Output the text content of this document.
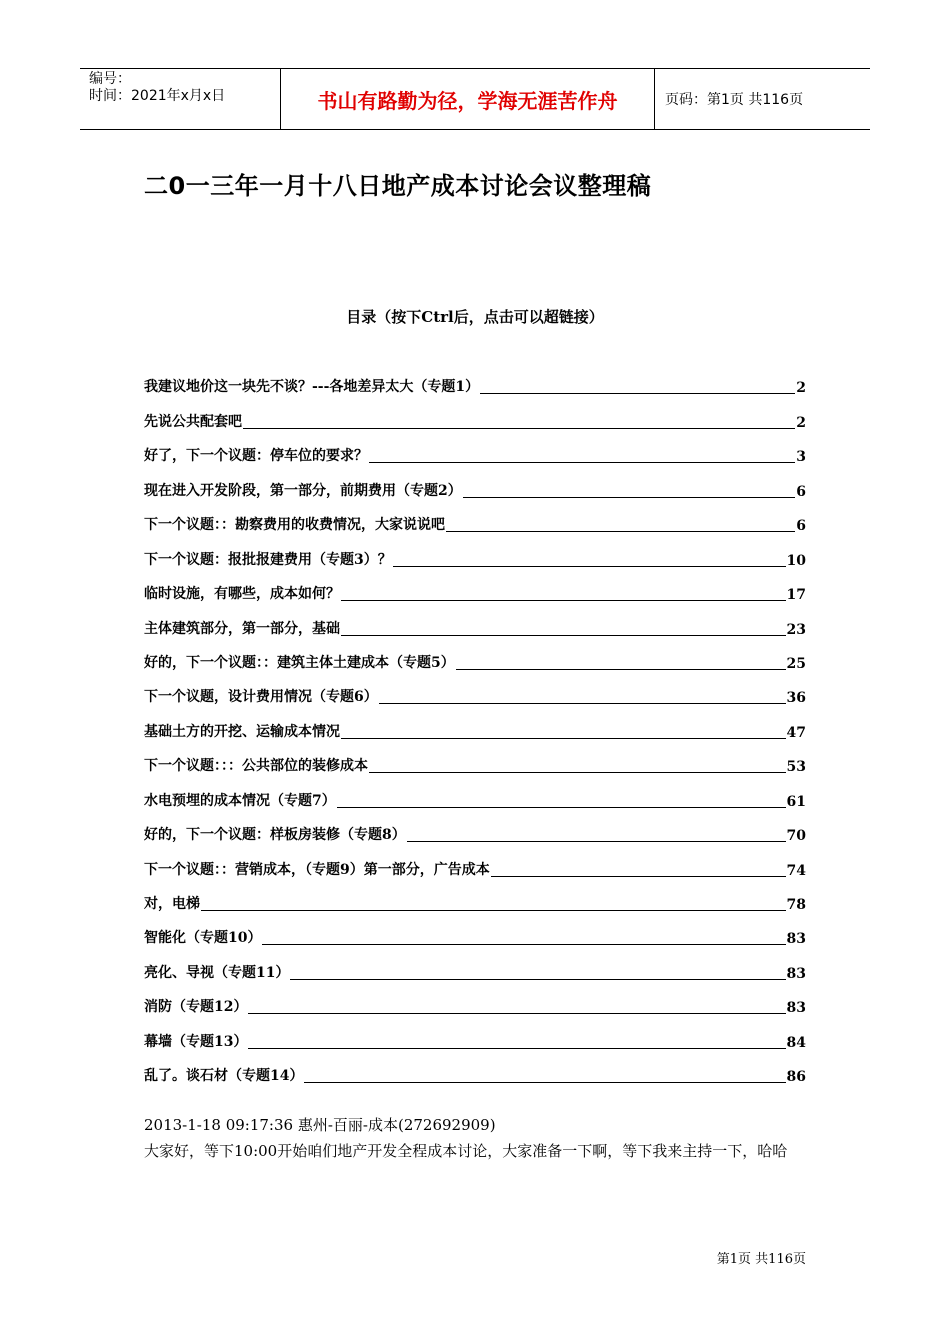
编号：
时间：2021年x月x日	书山有路勤为径，学海无涯苦作舟	页码：第1页 共116页
二0一三年一月十八日地产成本讨论会议整理稿
目录（按下Ctrl后，点击可以超链接）
我建议地价这一块先不谈？---各地差异太大（专题1）	2
先说公共配套吧	2
好了，下一个议题：停车位的要求？	3
现在进入开发阶段，第一部分，前期费用（专题2）	6
下一个议题：：勘察费用的收费情况，大家说说吧	6
下一个议题：报批报建费用（专题3）？	10
临时设施，有哪些，成本如何？	17
主体建筑部分，第一部分，基础	23
好的，下一个议题：：建筑主体土建成本（专题5）	25
下一个议题，设计费用情况（专题6）	36
基础土方的开挖、运输成本情况	47
下一个议题：：：公共部位的装修成本	53
水电预埋的成本情况（专题7）	61
好的，下一个议题：样板房装修（专题8）	70
下一个议题：：营销成本，（专题9）第一部分，广告成本	74
对，电梯	78
智能化（专题10）	83
亮化、导视（专题11）	83
消防（专题12）	83
幕墙（专题13）	84
乱了。谈石材（专题14）	86
2013-1-18 09:17:36 惠州-百丽-成本(272692909)
大家好，等下10:00开始咱们地产开发全程成本讨论，大家准备一下啊，等下我来主持一下，哈哈
第1页 共116页
